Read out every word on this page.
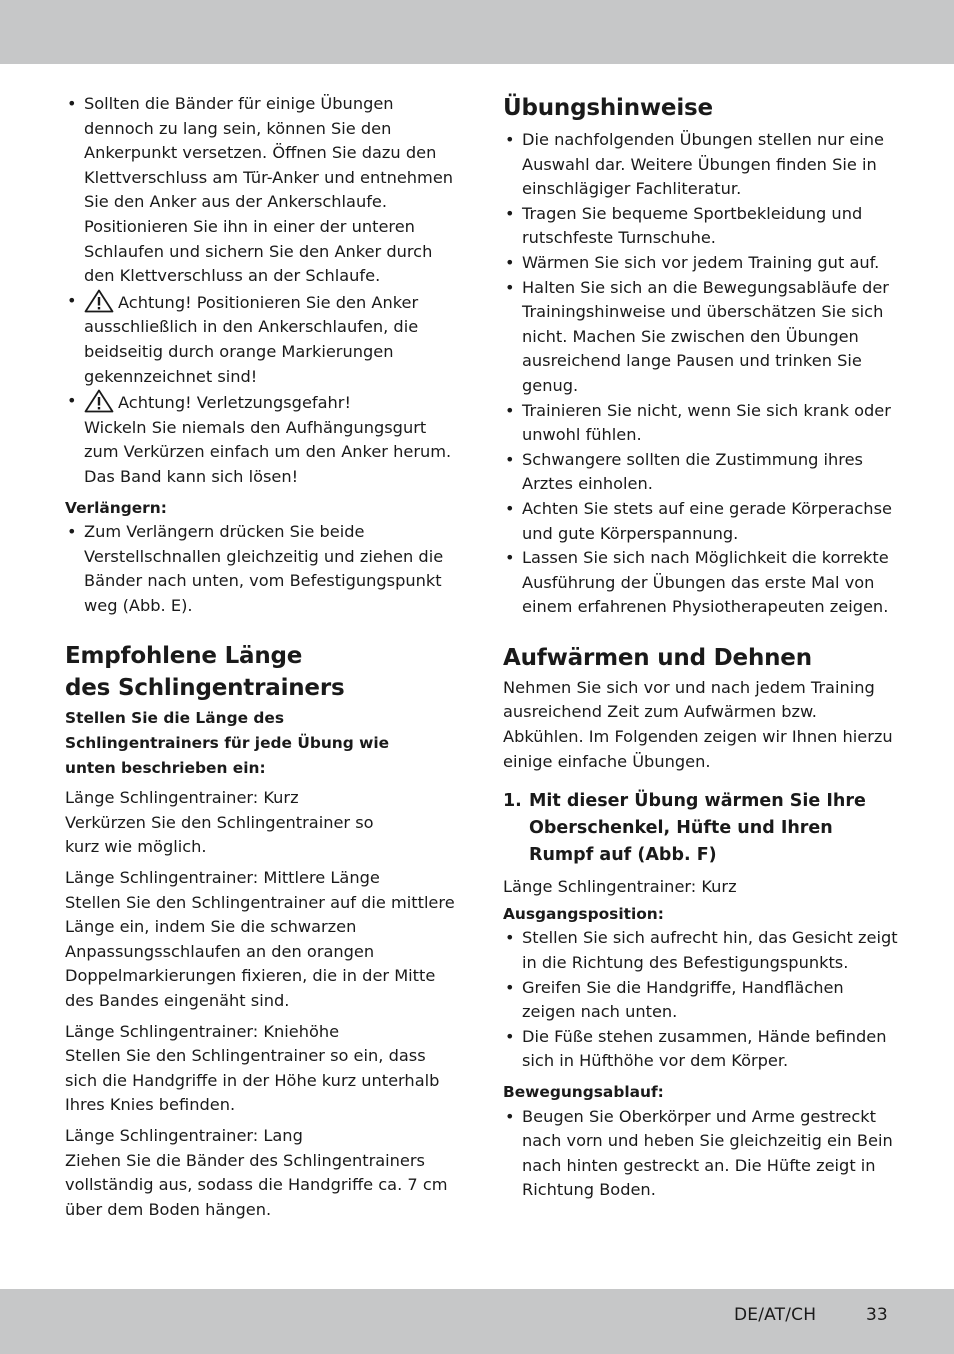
• Sollten die Bänder für einige Übungen dennoch zu lang sein, können Sie den Ankerpunkt versetzen. Öffnen Sie dazu den Klettverschluss am Tür-Anker und entnehmen Sie den Anker aus der Ankerschlaufe. Positionieren Sie ihn in einer der unteren Schlaufen und sichern Sie den Anker durch den Klettverschluss an der Schlaufe.
• Achtung! Positionieren Sie den Anker
ausschließlich in den Ankerschlaufen, die beidseitig durch orange Markierungen gekennzeichnet sind!
• Achtung! Verletzungsgefahr!
Wickeln Sie niemals den Aufhängungsgurt zum Verkürzen einfach um den Anker herum. Das Band kann sich lösen!
Verlängern:
• Zum Verlängern drücken Sie beide Verstellschnallen gleichzeitig und ziehen die Bänder nach unten, vom Befestigungspunkt weg (Abb. E).
Empfohlene Länge
des Schlingentrainers
Stellen Sie die Länge des Schlingentrainers für jede Übung wie unten beschrieben ein:

Länge Schlingentrainer: Kurz

Verkürzen Sie den Schlingentrainer so kurz wie möglich.

Länge Schlingentrainer: Mittlere Länge

Stellen Sie den Schlingentrainer auf die mittlere Länge ein, indem Sie die schwarzen Anpassungsschlaufen an den orangen Doppelmarkierungen fixieren, die in der Mitte des Bandes eingenäht sind.

Länge Schlingentrainer: Kniehöhe

Stellen Sie den Schlingentrainer so ein, dass sich die Handgriffe in der Höhe kurz unterhalb Ihres Knies befinden.

Länge Schlingentrainer: Lang

Ziehen Sie die Bänder des Schlingentrainers vollständig aus, sodass die Handgriffe ca. 7 cm über dem Boden hängen.

Übungshinweise
• Die nachfolgenden Übungen stellen nur eine Auswahl dar. Weitere Übungen finden Sie in einschlägiger Fachliteratur.
• Tragen Sie bequeme Sportbekleidung und rutschfeste Turnschuhe.
• Wärmen Sie sich vor jedem Training gut auf.
• Halten Sie sich an die Bewegungsabläufe der Trainingshinweise und überschätzen Sie sich nicht. Machen Sie zwischen den Übungen ausreichend lange Pausen und trinken Sie genug.
• Trainieren Sie nicht, wenn Sie sich krank oder unwohl fühlen.
• Schwangere sollten die Zustimmung ihres Arztes einholen.
• Achten Sie stets auf eine gerade Körperachse und gute Körperspannung.
• Lassen Sie sich nach Möglichkeit die korrekte Ausführung der Übungen das erste Mal von einem erfahrenen Physiotherapeuten zeigen.
Aufwärmen und Dehnen

Nehmen Sie sich vor und nach jedem Training ausreichend Zeit zum Aufwärmen bzw. Abkühlen. Im Folgenden zeigen wir Ihnen hierzu einige einfache Übungen.

1. Mit dieser Übung wärmen Sie Ihre Oberschenkel, Hüfte und Ihren Rumpf auf (Abb. F)

Länge Schlingentrainer: Kurz

Ausgangsposition:
• Stellen Sie sich aufrecht hin, das Gesicht zeigt in die Richtung des Befestigungspunkts.
• Greifen Sie die Handgriffe, Handflächen zeigen nach unten.
• Die Füße stehen zusammen, Hände befinden sich in Hüfthöhe vor dem Körper.
Bewegungsablauf:
• Beugen Sie Oberkörper und Arme gestreckt nach vorn und heben Sie gleichzeitig ein Bein nach hinten gestreckt an. Die Hüfte zeigt in Richtung Boden.
DE/AT/CH	33
